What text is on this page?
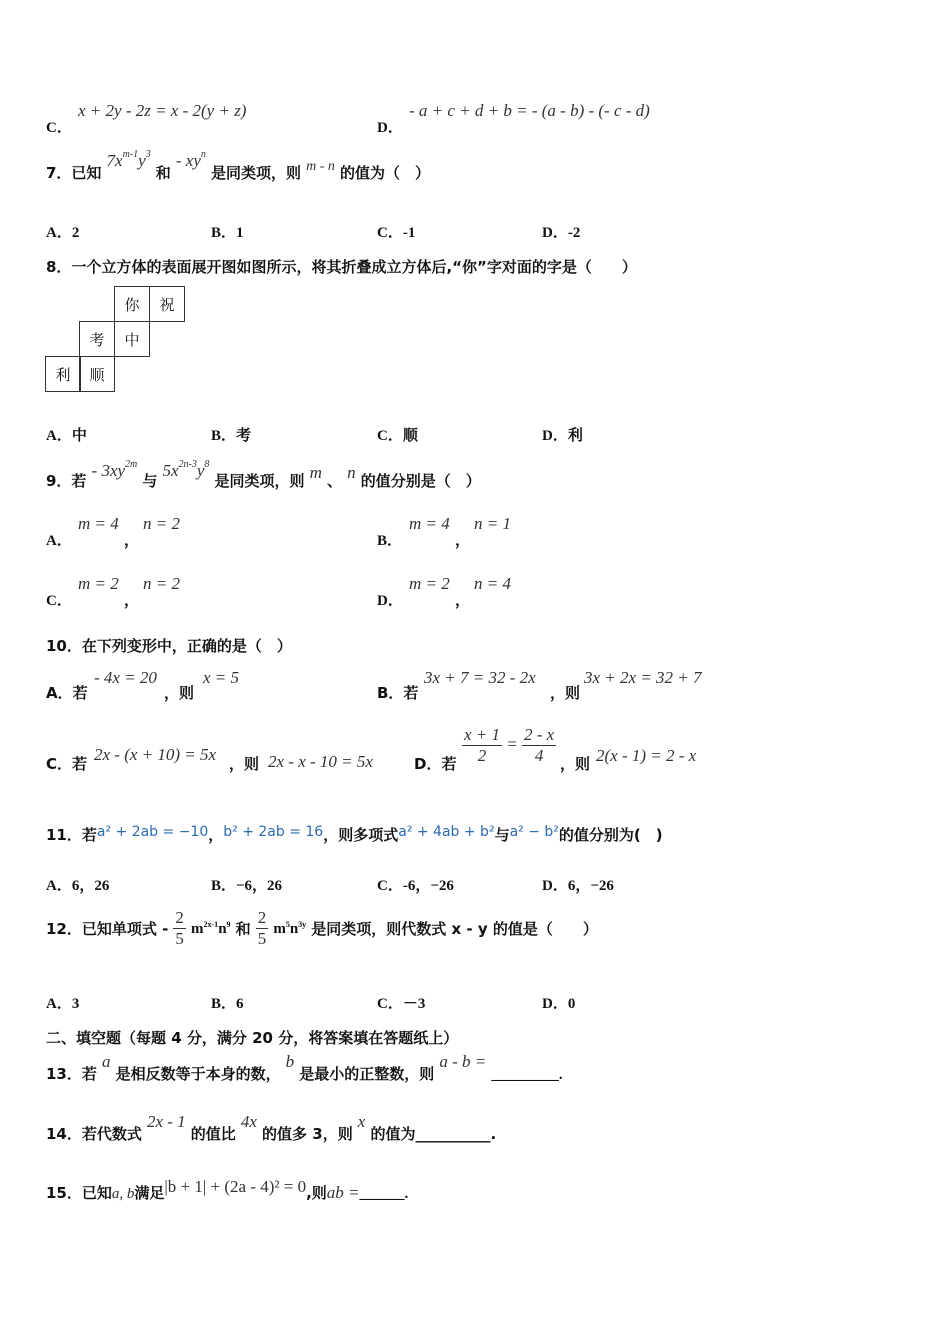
C．
x + 2y - 2z = x - 2(y + z)
D．
- a + c + d + b = - (a - b) - (- c - d)
7．已知 $7x^{m-1}y^3$ 和 - $xy^n$ 是同类项，则 m - n 的值为（　）
A．2	B．1	C．-1	D．-2
8．一个立方体的表面展开图如图所示，将其折叠成立方体后,“你”字对面的字是（　　）
你	祝
考	中
利	顺
A．中	B．考	C．顺	D．利
9．若 - $3xy^{2m}$ 与 $5x^{2n-3}y^8$ 是同类项，则 m 、 n 的值分别是（　）
A．
m = 4
，
n = 2
B．
m = 4
，
n = 1
C．
m = 2
，
n = 2
D．
m = 2
，
n = 4
10．在下列变形中，正确的是（　）
A．若
- 4x = 20
，则
x = 5
B．若
3x + 7 = 32 - 2x
，则
3x + 2x = 32 + 7
C．若 2x - (x + 10) = 5x ，则 2x - x - 10 = 5x	D．若 $\frac{x + 1}{2} = \frac{2 - x}{4}$ ，则 2(x - 1) = 2 - x
11．若a² + 2ab = −10，b² + 2ab = 16，则多项式a² + 4ab + b²与a² − b²的值分别为(　)
A．6，26	B．−6，26	C．-6，−26	D．6，−26
12．已知单项式 - $\frac{2}{5} m^{2x-1}n^9$ 和 $\frac{2}{5} m^5n^{3y}$ 是同类项，则代数式 x - y 的值是（　　）
A．3	B．6	C．－3	D．0
二、填空题（每题 4 分，满分 20 分，将答案填在答题纸上）
13．若 a 是相反数等于本身的数， b 是最小的正整数，则 a - b = _________.
14．若代数式 2x - 1 的值比 4x 的值多 3，则 x 的值为__________.
15．已知a, b满足|b + 1| + (2a - 4)² = 0,则ab =______.
